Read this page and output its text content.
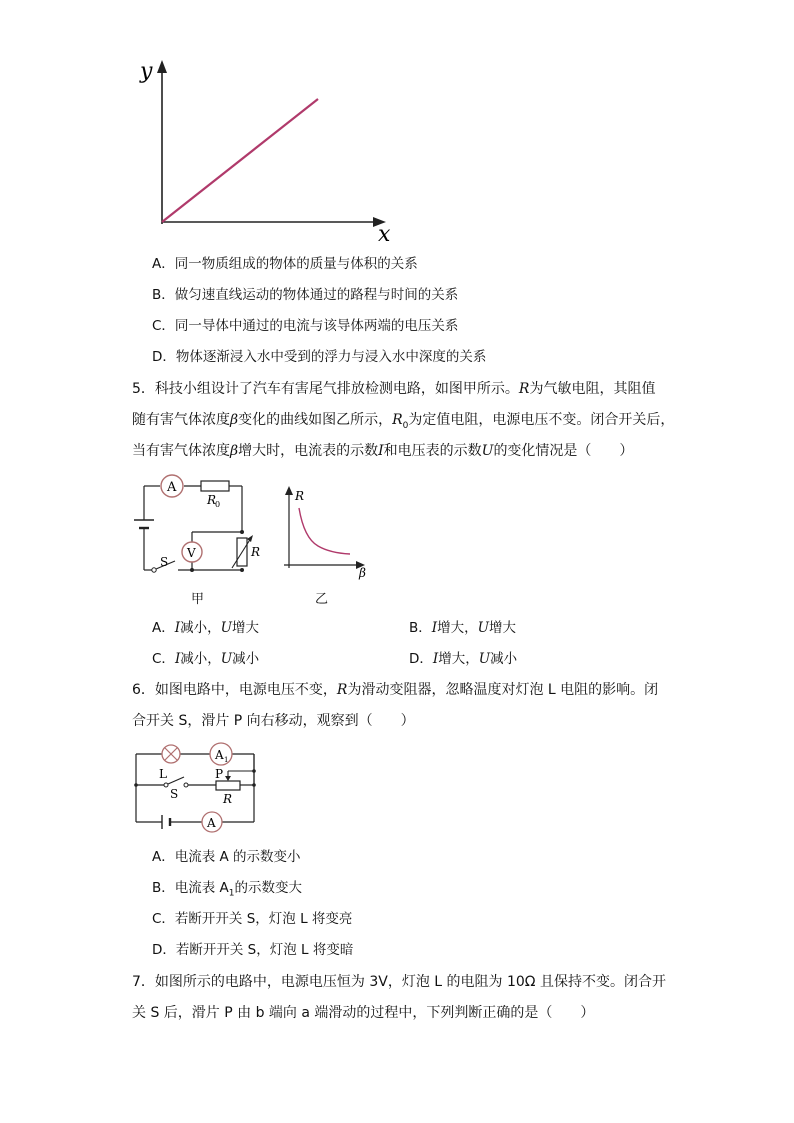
y
x
A．同一物质组成的物体的质量与体积的关系
B．做匀速直线运动的物体通过的路程与时间的关系
C．同一导体中通过的电流与该导体两端的电压关系
D．物体逐渐浸入水中受到的浮力与浸入水中深度的关系
5．科技小组设计了汽车有害尾气排放检测电路，如图甲所示。R为气敏电阻，其阻值
随有害气体浓度β变化的曲线如图乙所示，$R_0$为定值电阻，电源电压不变。闭合开关后，
当有害气体浓度β增大时，电流表的示数I和电压表的示数U的变化情况是（　　）
A
R
0
V	R
S
甲
R
β
乙
A．I减小，U增大	B．I增大，U增大
C．I减小，U减小	D．I增大，U减小
6．如图电路中，电源电压不变，R为滑动变阻器，忽略温度对灯泡 L 电阻的影响。闭
合开关 S，滑片 P 向右移动，观察到（　　）
L
A 1
P
R
S
A
A．电流表 A 的示数变小
B．电流表 $A_1$的示数变大
C．若断开开关 S，灯泡 L 将变亮
D．若断开开关 S，灯泡 L 将变暗
7．如图所示的电路中，电源电压恒为 3V，灯泡 L 的电阻为 10Ω 且保持不变。闭合开
关 S 后，滑片 P 由 b 端向 a 端滑动的过程中，下列判断正确的是（　　）
